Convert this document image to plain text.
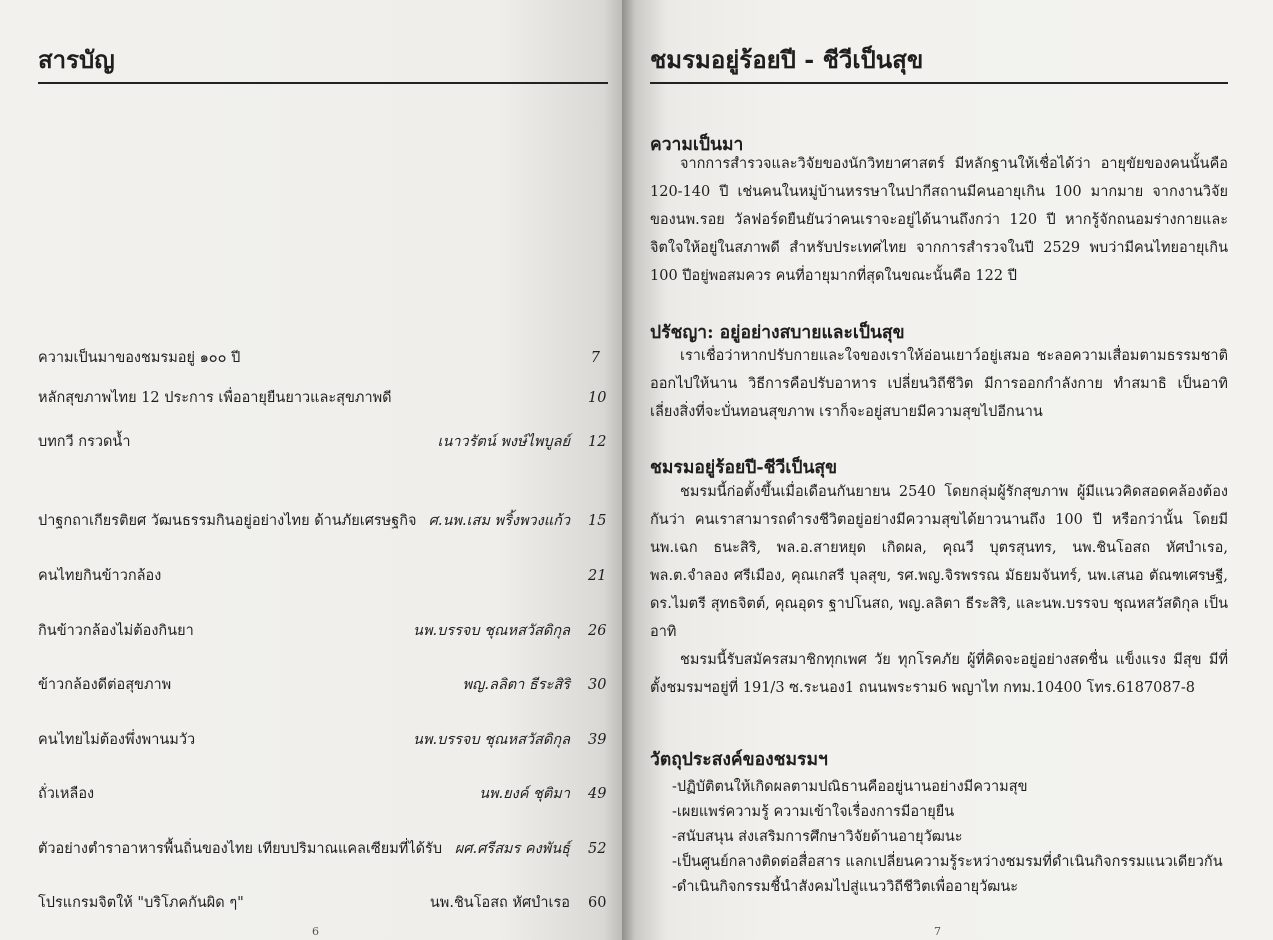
สารบัญ
ความเป็นมาของชมรมอยู่ ๑๐๐ ปี	7
หลักสุขภาพไทย 12 ประการ เพื่ออายุยืนยาวและสุขภาพดี	10
บทกวี กรวดน้ำ	เนาวรัตน์ พงษ์ไพบูลย์ 12
ปาฐกถาเกียรติยศ วัฒนธรรมกินอยู่อย่างไทย ด้านภัยเศรษฐกิจ ศ.นพ.เสม พริ้งพวงแก้ว 15
คนไทยกินข้าวกล้อง	21
กินข้าวกล้องไม่ต้องกินยา	นพ.บรรจบ ชุณหสวัสดิกุล 26
ข้าวกล้องดีต่อสุขภาพ	พญ.ลลิตา ธีระสิริ 30
คนไทยไม่ต้องพึ่งพานมวัว	นพ.บรรจบ ชุณหสวัสดิกุล 39
ถั่วเหลือง	นพ.ยงค์ ชุติมา 49
ตัวอย่างตำราอาหารพื้นถิ่นของไทย เทียบปริมาณแคลเซียมที่ได้รับ ผศ.ศรีสมร คงพันธุ์ 52
โปรแกรมจิตให้ "บริโภคกันผิด ๆ"	นพ.ชินโอสถ หัศบำเรอ 60
6
ชมรมอยู่ร้อยปี - ชีวีเป็นสุข
ความเป็นมา

จากการสำรวจและวิจัยของนักวิทยาศาสตร์ มีหลักฐานให้เชื่อได้ว่า อายุขัยของคนนั้นคือ 120-140 ปี เช่นคนในหมู่บ้านหรรษาในปากีสถานมีคนอายุเกิน 100 มากมาย จากงานวิจัยของนพ.รอย วัลฟอร์ดยืนยันว่าคนเราจะอยู่ได้นานถึงกว่า 120 ปี หากรู้จักถนอมร่างกายและจิตใจให้อยู่ในสภาพดี สำหรับประเทศไทย จากการสำรวจในปี 2529 พบว่ามีคนไทยอายุเกิน 100 ปีอยู่พอสมควร คนที่อายุมากที่สุดในขณะนั้นคือ 122 ปี

ปรัชญา: อยู่อย่างสบายและเป็นสุข

เราเชื่อว่าหากปรับกายและใจของเราให้อ่อนเยาว์อยู่เสมอ ชะลอความเสื่อมตามธรรมชาติออกไปให้นาน วิธีการคือปรับอาหาร เปลี่ยนวิถีชีวิต มีการออกกำลังกาย ทำสมาธิ เป็นอาทิ เลี่ยงสิ่งที่จะบั่นทอนสุขภาพ เราก็จะอยู่สบายมีความสุขไปอีกนาน

ชมรมอยู่ร้อยปี-ชีวีเป็นสุข

ชมรมนี้ก่อตั้งขึ้นเมื่อเดือนกันยายน 2540 โดยกลุ่มผู้รักสุขภาพ ผู้มีแนวคิดสอดคล้องต้องกันว่า คนเราสามารถดำรงชีวิตอยู่อย่างมีความสุขได้ยาวนานถึง 100 ปี หรือกว่านั้น โดยมีนพ.เฉก ธนะสิริ, พล.อ.สายหยุด เกิดผล, คุณวี บุตรสุนทร, นพ.ชินโอสถ หัศบำเรอ, พล.ต.จำลอง ศรีเมือง, คุณเกสรี บุลสุข, รศ.พญ.จิรพรรณ มัธยมจันทร์, นพ.เสนอ ตัณฑเศรษฐี, ดร.ไมตรี สุทธจิตต์, คุณอุดร ฐาปโนสถ, พญ.ลลิตา ธีระสิริ, และนพ.บรรจบ ชุณหสวัสดิกุล เป็นอาทิ

ชมรมนี้รับสมัครสมาชิกทุกเพศ วัย ทุกโรคภัย ผู้ที่คิดจะอยู่อย่างสดชื่น แข็งแรง มีสุข มีที่ตั้งชมรมฯอยู่ที่ 191/3 ซ.ระนอง1 ถนนพระราม6 พญาไท กทม.10400 โทร.6187087-8

วัตถุประสงค์ของชมรมฯ
-ปฏิบัติตนให้เกิดผลตามปณิธานคืออยู่นานอย่างมีความสุข
-เผยแพร่ความรู้ ความเข้าใจเรื่องการมีอายุยืน
-สนับสนุน ส่งเสริมการศึกษาวิจัยด้านอายุวัฒนะ
-เป็นศูนย์กลางติดต่อสื่อสาร แลกเปลี่ยนความรู้ระหว่างชมรมที่ดำเนินกิจกรรมแนวเดียวกัน
-ดำเนินกิจกรรมชี้นำสังคมไปสู่แนววิถีชีวิตเพื่ออายุวัฒนะ
7
